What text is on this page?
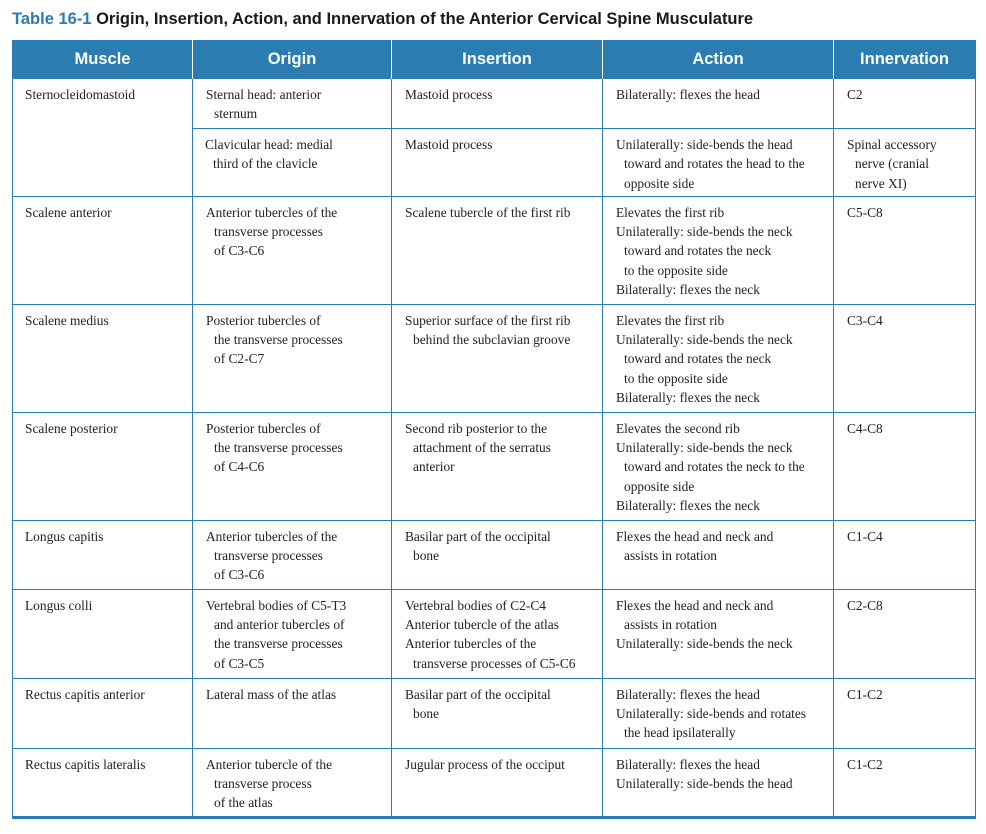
Table 16-1 Origin, Insertion, Action, and Innervation of the Anterior Cervical Spine Musculature
Muscle	Origin	Insertion	Action	Innervation

Sternocleidomastoid	Sternal head: anterior
sternum	Mastoid process	Bilaterally: flexes the head	C2

	Clavicular head: medial
third of the clavicle	Mastoid process	Unilaterally: side-bends the head
toward and rotates the head to the
opposite side	Spinal accessory
nerve (cranial
nerve XI)

Scalene anterior	Anterior tubercles of the
transverse processes
of C3-C6	Scalene tubercle of the first rib	Elevates the first rib
Unilaterally: side-bends the neck
toward and rotates the neck
to the opposite side
Bilaterally: flexes the neck	C5-C8

Scalene medius	Posterior tubercles of
the transverse processes
of C2-C7	Superior surface of the first rib
behind the subclavian groove	Elevates the first rib
Unilaterally: side-bends the neck
toward and rotates the neck
to the opposite side
Bilaterally: flexes the neck	C3-C4

Scalene posterior	Posterior tubercles of
the transverse processes
of C4-C6	Second rib posterior to the
attachment of the serratus
anterior	Elevates the second rib
Unilaterally: side-bends the neck
toward and rotates the neck to the
opposite side
Bilaterally: flexes the neck	C4-C8

Longus capitis	Anterior tubercles of the
transverse processes
of C3-C6	Basilar part of the occipital
bone	Flexes the head and neck and
assists in rotation	C1-C4

Longus colli	Vertebral bodies of C5-T3
and anterior tubercles of
the transverse processes
of C3-C5	Vertebral bodies of C2-C4
Anterior tubercle of the atlas
Anterior tubercles of the
transverse processes of C5-C6	Flexes the head and neck and
assists in rotation
Unilaterally: side-bends the neck	C2-C8

Rectus capitis anterior	Lateral mass of the atlas	Basilar part of the occipital
bone	Bilaterally: flexes the head
Unilaterally: side-bends and rotates
the head ipsilaterally	C1-C2

Rectus capitis lateralis	Anterior tubercle of the
transverse process
of the atlas	Jugular process of the occiput	Bilaterally: flexes the head
Unilaterally: side-bends the head	C1-C2
